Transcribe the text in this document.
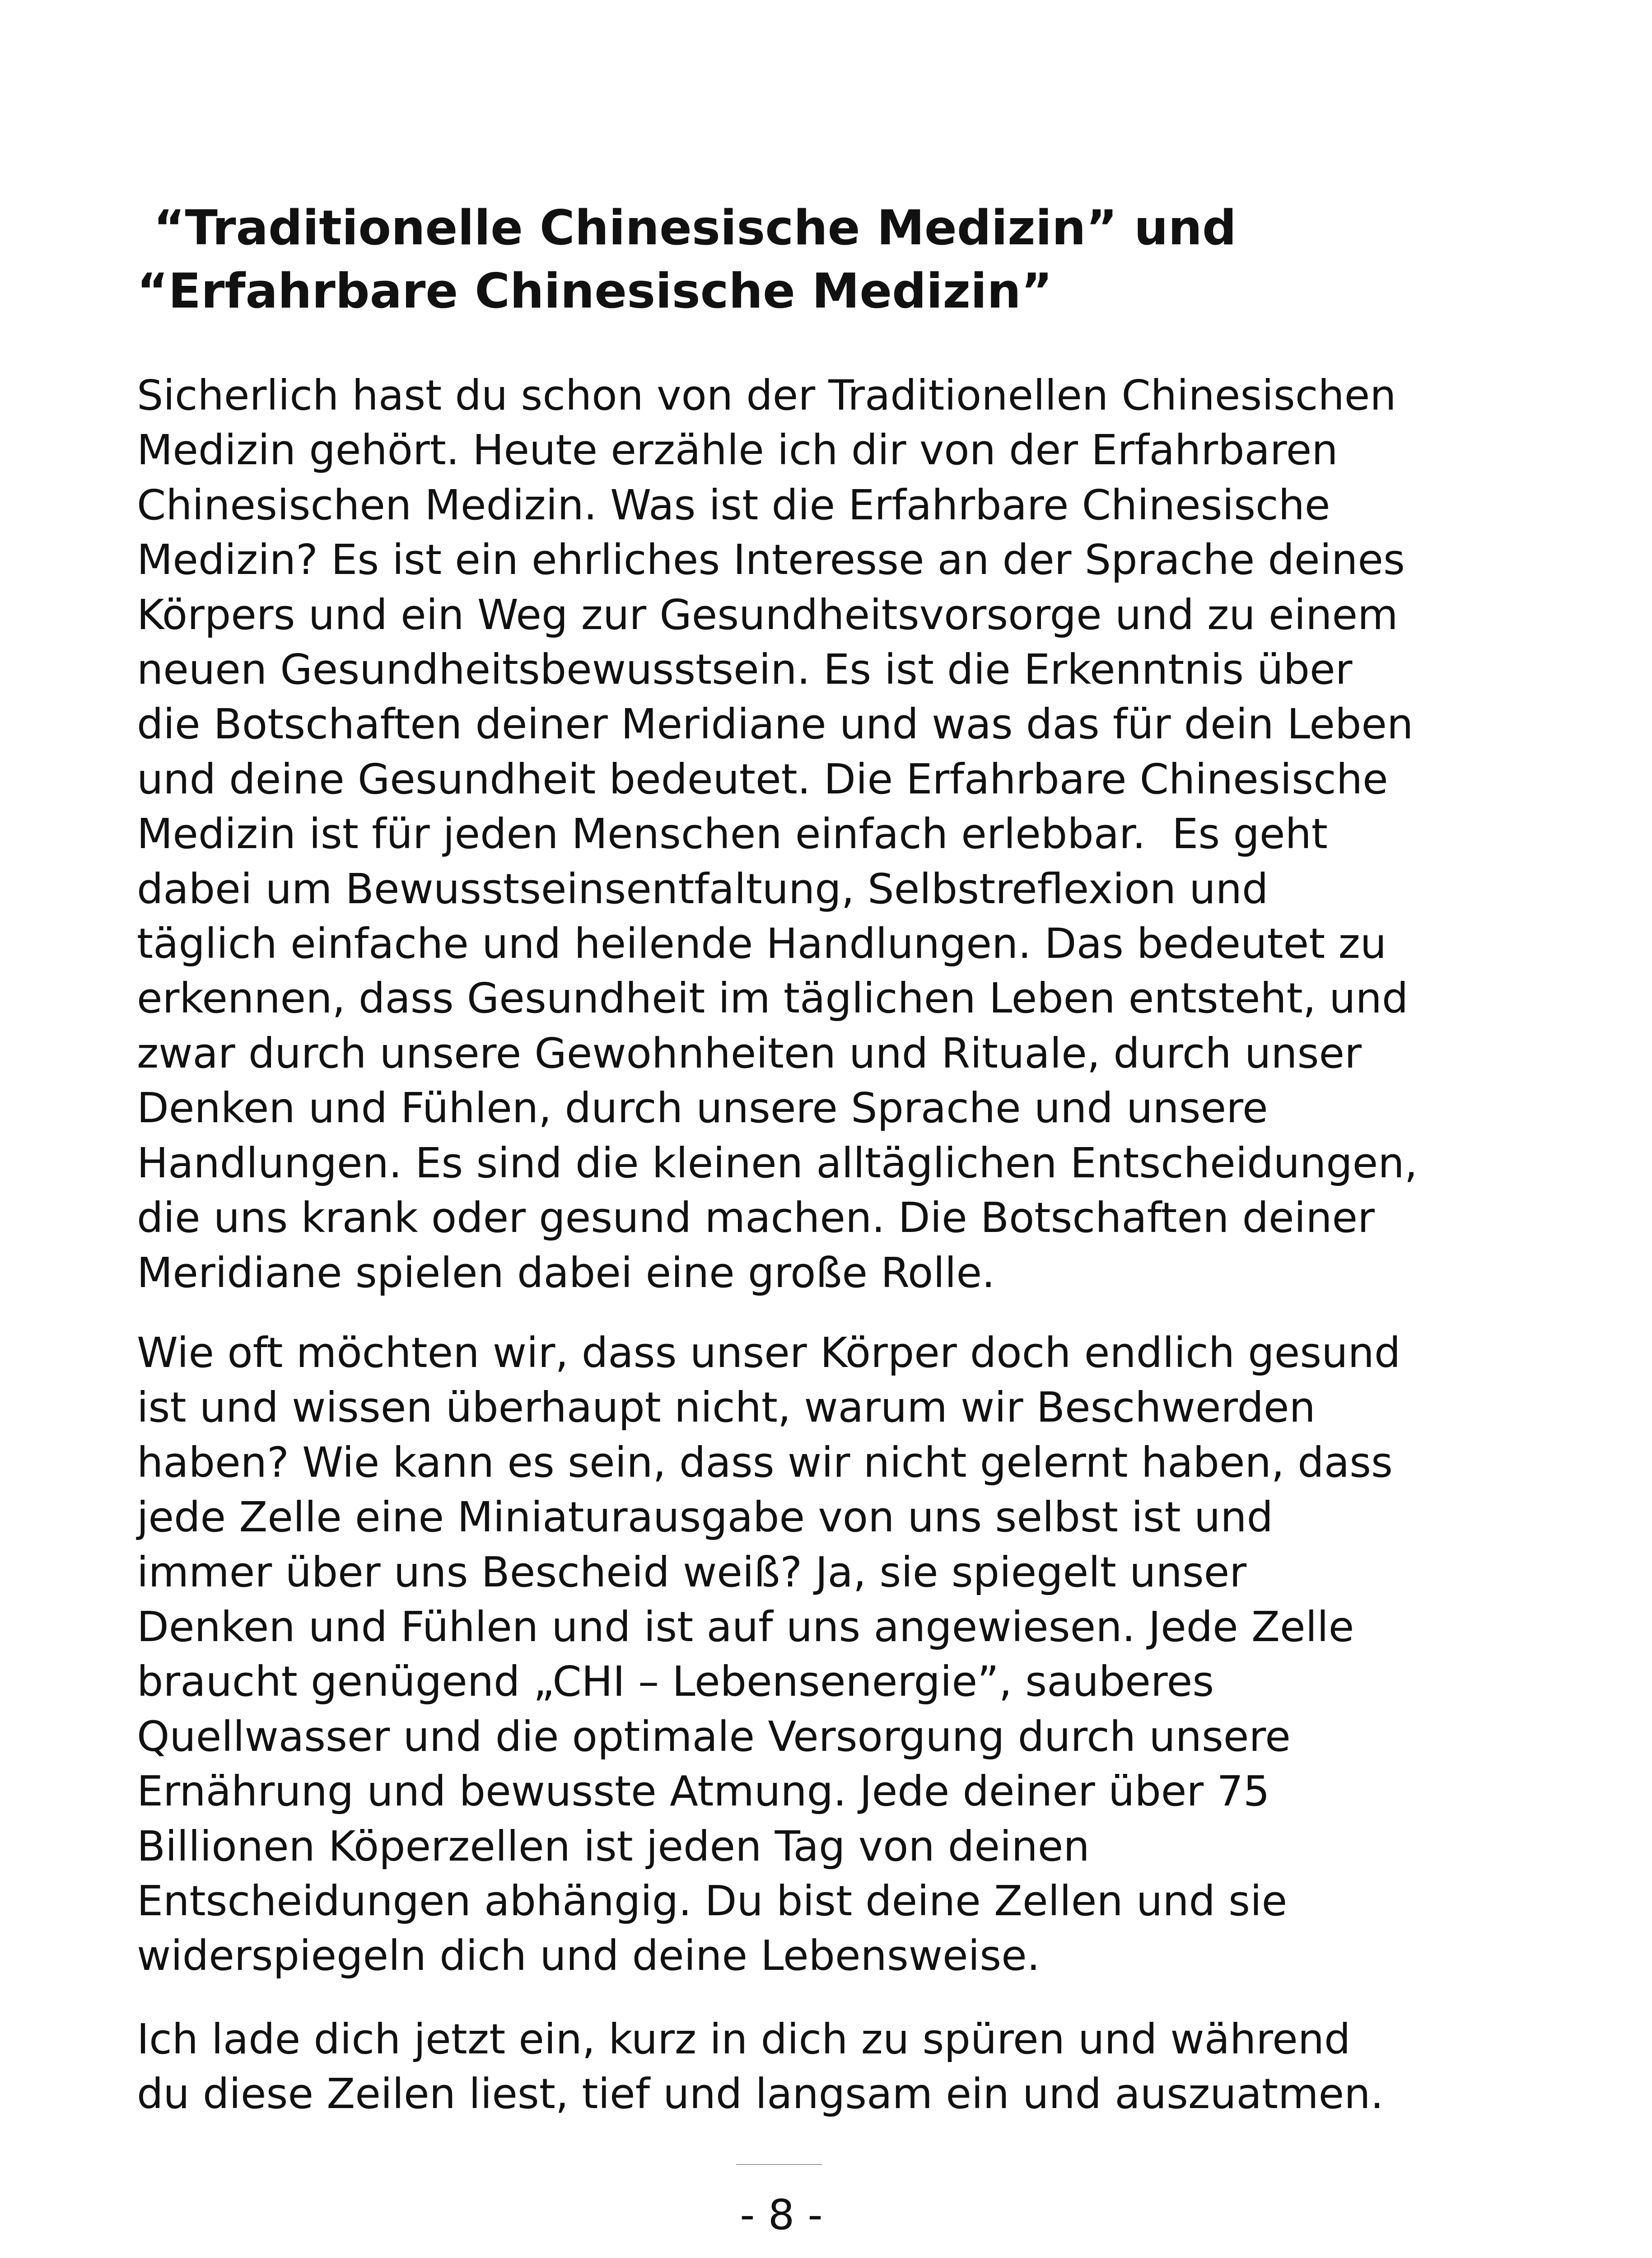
“Traditionelle Chinesische Medizin” und
“Erfahrbare Chinesische Medizin”
Sicherlich hast du schon von der Traditionellen Chinesischen
Medizin gehört. Heute erzähle ich dir von der Erfahrbaren
Chinesischen Medizin. Was ist die Erfahrbare Chinesische
Medizin? Es ist ein ehrliches Interesse an der Sprache deines
Körpers und ein Weg zur Gesundheitsvorsorge und zu einem
neuen Gesundheitsbewusstsein. Es ist die Erkenntnis über
die Botschaften deiner Meridiane und was das für dein Leben
und deine Gesundheit bedeutet. Die Erfahrbare Chinesische
Medizin ist für jeden Menschen einfach erlebbar.  Es geht
dabei um Bewusstseinsentfaltung, Selbstreflexion und
täglich einfache und heilende Handlungen. Das bedeutet zu
erkennen, dass Gesundheit im täglichen Leben entsteht, und
zwar durch unsere Gewohnheiten und Rituale, durch unser
Denken und Fühlen, durch unsere Sprache und unsere
Handlungen. Es sind die kleinen alltäglichen Entscheidungen,
die uns krank oder gesund machen. Die Botschaften deiner
Meridiane spielen dabei eine große Rolle.
Wie oft möchten wir, dass unser Körper doch endlich gesund
ist und wissen überhaupt nicht, warum wir Beschwerden
haben? Wie kann es sein, dass wir nicht gelernt haben, dass
jede Zelle eine Miniaturausgabe von uns selbst ist und
immer über uns Bescheid weiß? Ja, sie spiegelt unser
Denken und Fühlen und ist auf uns angewiesen. Jede Zelle
braucht genügend „CHI – Lebensenergie”, sauberes
Quellwasser und die optimale Versorgung durch unsere
Ernährung und bewusste Atmung. Jede deiner über 75
Billionen Köperzellen ist jeden Tag von deinen
Entscheidungen abhängig. Du bist deine Zellen und sie
widerspiegeln dich und deine Lebensweise.
Ich lade dich jetzt ein, kurz in dich zu spüren und während
du diese Zeilen liest, tief und langsam ein und auszuatmen.
- 8 -
